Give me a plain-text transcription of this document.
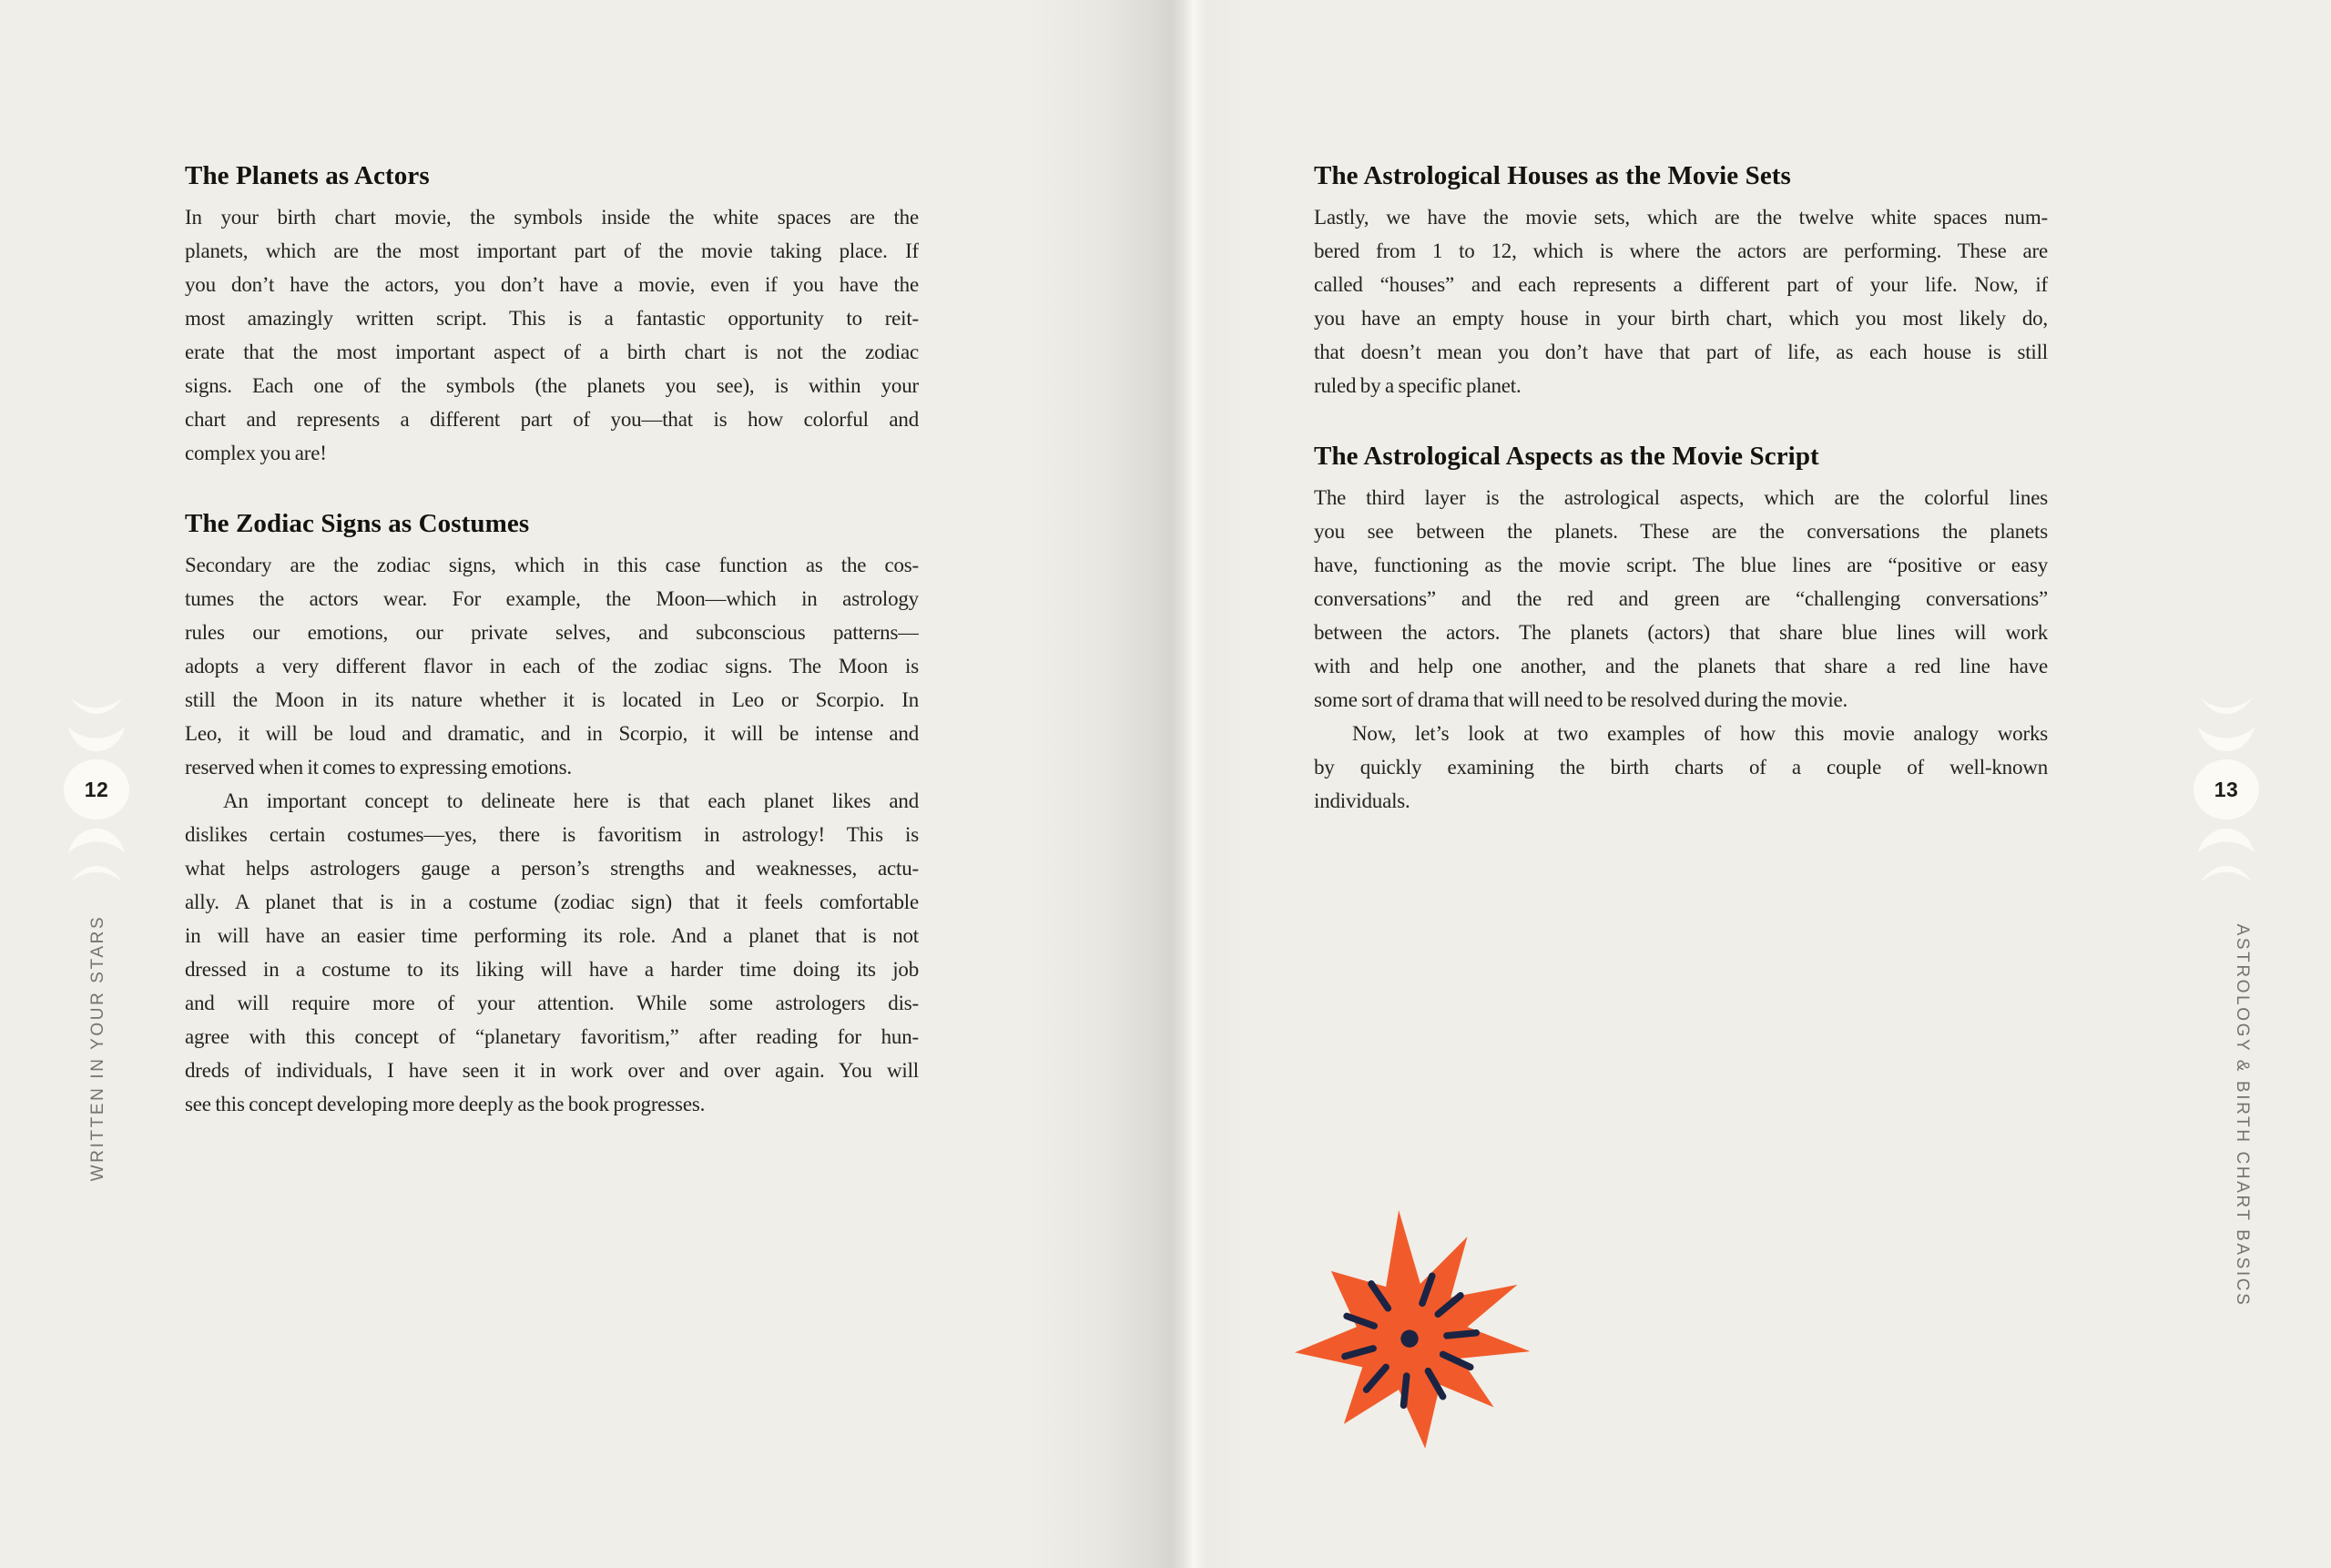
The Planets as Actors
In your birth chart movie, the symbols inside the white spaces are the
planets, which are the most important part of the movie taking place. If
you don’t have the actors, you don’t have a movie, even if you have the
most amazingly written script. This is a fantastic opportunity to reit-
erate that the most important aspect of a birth chart is not the zodiac
signs. Each one of the symbols (the planets you see), is within your
chart and represents a different part of you—that is how colorful and
complex you are!
The Zodiac Signs as Costumes
Secondary are the zodiac signs, which in this case function as the cos-
tumes the actors wear. For example, the Moon—which in astrology
rules our emotions, our private selves, and subconscious patterns—
adopts a very different flavor in each of the zodiac signs. The Moon is
still the Moon in its nature whether it is located in Leo or Scorpio. In
Leo, it will be loud and dramatic, and in Scorpio, it will be intense and
reserved when it comes to expressing emotions.
An important concept to delineate here is that each planet likes and
dislikes certain costumes—yes, there is favoritism in astrology! This is
what helps astrologers gauge a person’s strengths and weaknesses, actu-
ally. A planet that is in a costume (zodiac sign) that it feels comfortable
in will have an easier time performing its role. And a planet that is not
dressed in a costume to its liking will have a harder time doing its job
and will require more of your attention. While some astrologers dis-
agree with this concept of “planetary favoritism,” after reading for hun-
dreds of individuals, I have seen it in work over and over again. You will
see this concept developing more deeply as the book progresses.
The Astrological Houses as the Movie Sets
Lastly, we have the movie sets, which are the twelve white spaces num-
bered from 1 to 12, which is where the actors are performing. These are
called “houses” and each represents a different part of your life. Now, if
you have an empty house in your birth chart, which you most likely do,
that doesn’t mean you don’t have that part of life, as each house is still
ruled by a specific planet.
The Astrological Aspects as the Movie Script
The third layer is the astrological aspects, which are the colorful lines
you see between the planets. These are the conversations the planets
have, functioning as the movie script. The blue lines are “positive or easy
conversations” and the red and green are “challenging conversations”
between the actors. The planets (actors) that share blue lines will work
with and help one another, and the planets that share a red line have
some sort of drama that will need to be resolved during the movie.
Now, let’s look at two examples of how this movie analogy works
by quickly examining the birth charts of a couple of well-known
individuals.
12
WRITTEN IN YOUR STARS
13
ASTROLOGY & BIRTH CHART BASICS
